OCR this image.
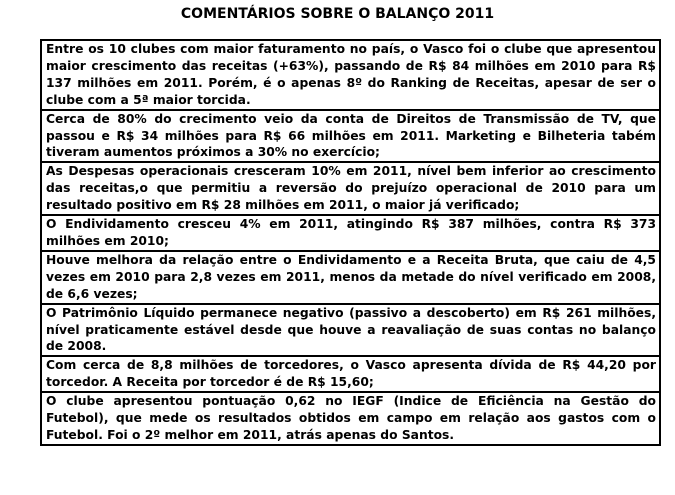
COMENTÁRIOS SOBRE O BALANÇO 2011
Entre os 10 clubes com maior faturamento no país, o Vasco foi o clube que apresentou maior crescimento das receitas (+63%), passando de R$ 84 milhões em 2010 para R$ 137 milhões em 2011. Porém, é o apenas 8º do Ranking de Receitas, apesar de ser o clube com a 5ª maior torcida.
Cerca de 80% do crecimento veio da conta de Direitos de Transmissão de TV, que passou e R$ 34 milhões para R$ 66 milhões em 2011. Marketing e Bilheteria tabém tiveram aumentos próximos a 30% no exercício;
As Despesas operacionais cresceram 10% em 2011, nível bem inferior ao crescimento das receitas,o que permitiu a reversão do prejuízo operacional de 2010 para um resultado positivo em R$ 28 milhões em 2011, o maior já verificado;
O Endividamento cresceu 4% em 2011, atingindo R$ 387 milhões, contra R$ 373 milhões em 2010;
Houve melhora da relação entre o Endividamento e a Receita Bruta, que caiu de 4,5 vezes em 2010 para 2,8 vezes em 2011, menos da metade do nível verificado em 2008, de 6,6 vezes;
O Patrimônio Líquido permanece negativo (passivo a descoberto) em R$ 261 milhões, nível praticamente estável desde que houve a reavaliação de suas contas no balanço de 2008.
Com cerca de 8,8 milhões de torcedores, o Vasco apresenta dívida de R$ 44,20 por torcedor. A Receita por torcedor é de R$ 15,60;
O clube apresentou pontuação 0,62 no IEGF (Indice de Eficiência na Gestão do Futebol), que mede os resultados obtidos em campo em relação aos gastos com o Futebol. Foi o 2º melhor em 2011, atrás apenas do Santos.
